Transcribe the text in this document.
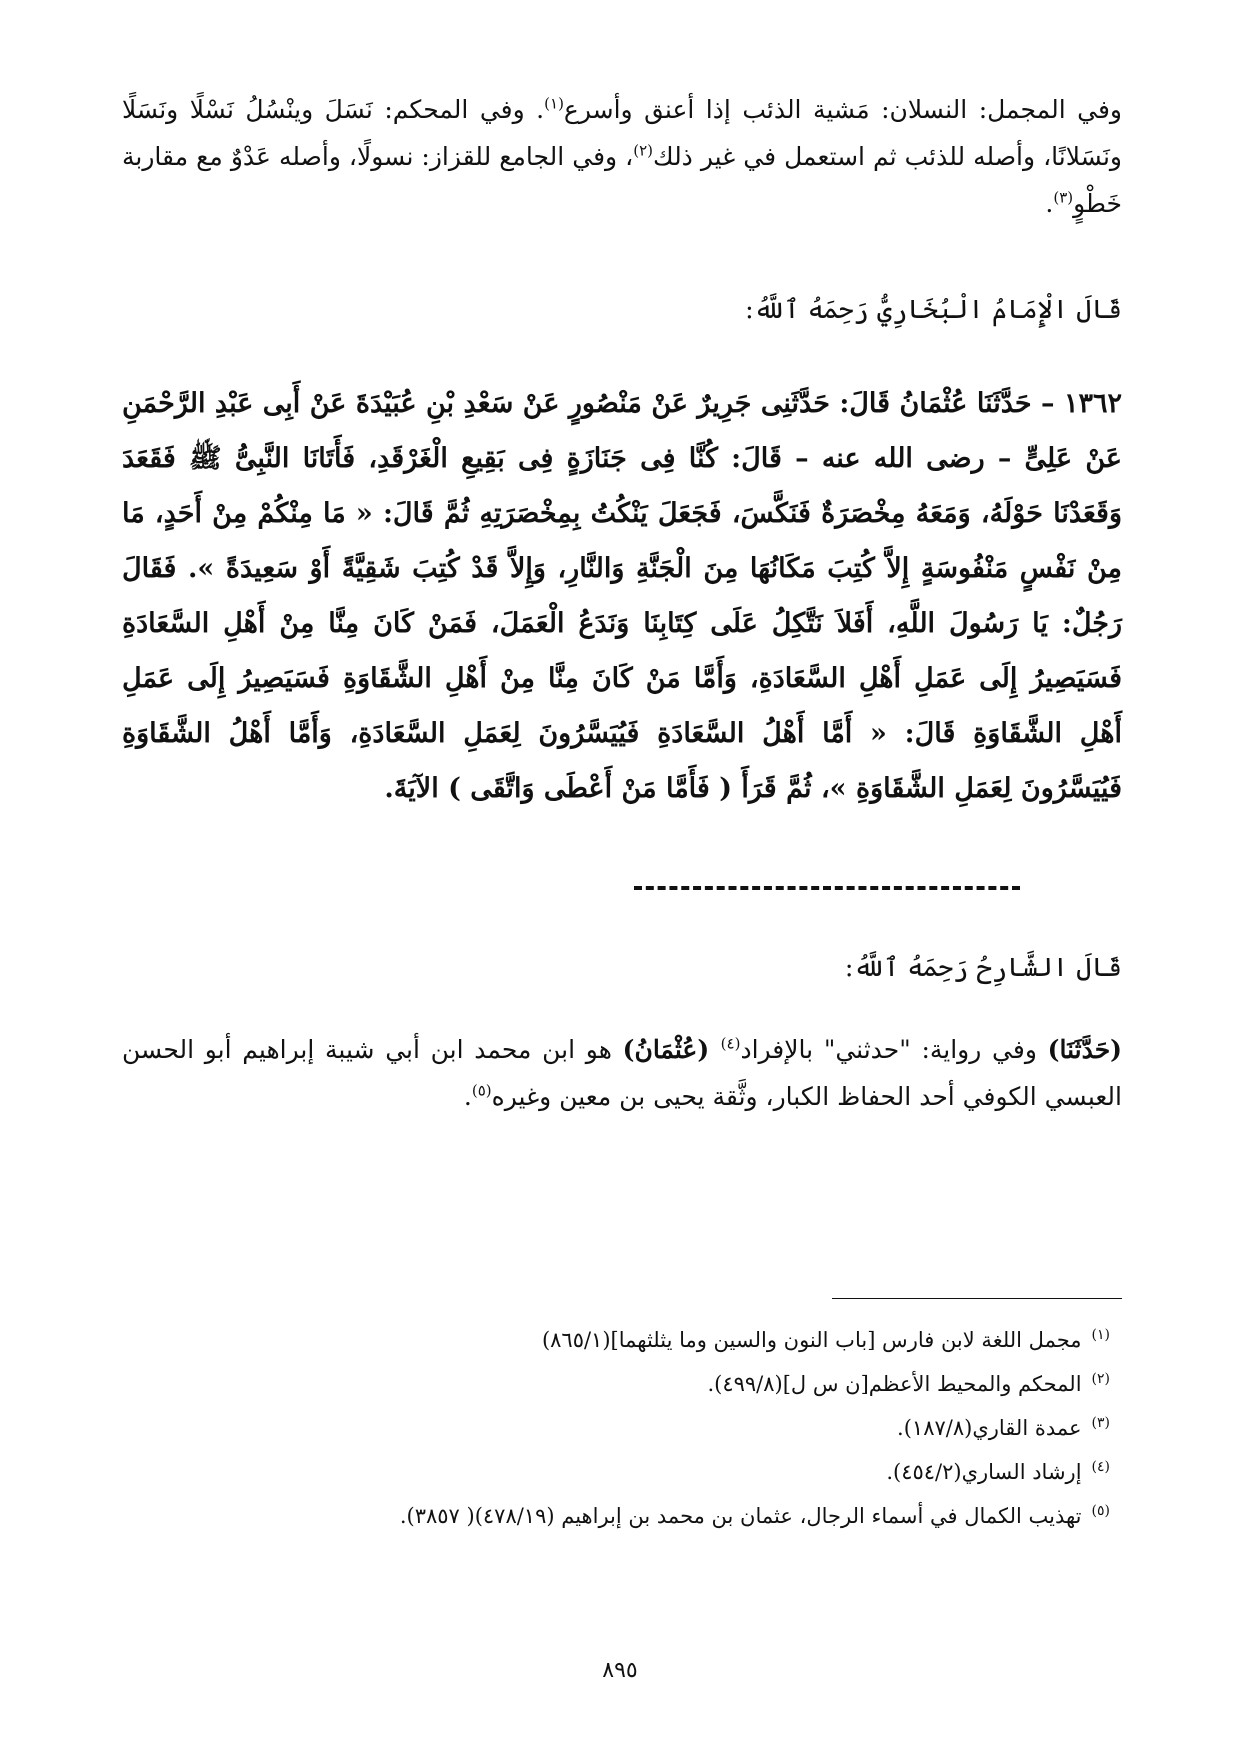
وفي المجمل: النسلان: مَشية الذئب إذا أعنق وأسرع$^{(١)}$. وفي المحكم: نَسَلَ وينْسُلُ نَسْلًا ونَسَلًا ونَسَلانًا، وأصله للذئب ثم استعمل في غير ذلك$^{(٢)}$، وفي الجامع للقزاز: نسولًا، وأصله عَدْوٌ مع مقاربة خَطْوٍ$^{(٣)}$.

قَالَ الْإِمَامُ الْبُخَارِيُّ رَحِمَهُ ٱللَّهُ:

١٣٦٢ – حَدَّثَنَا عُثْمَانُ قَالَ: حَدَّثَنِى جَرِيرٌ عَنْ مَنْصُورٍ عَنْ سَعْدِ بْنِ عُبَيْدَةَ عَنْ أَبِى عَبْدِ الرَّحْمَنِ عَنْ عَلِىٍّ – رضى الله عنه – قَالَ: كُنَّا فِى جَنَازَةٍ فِى بَقِيعِ الْغَرْقَدِ، فَأَتَانَا النَّبِىُّ ﷺ فَقَعَدَ وَقَعَدْنَا حَوْلَهُ، وَمَعَهُ مِخْصَرَةٌ فَنَكَّسَ، فَجَعَلَ يَنْكُتُ بِمِخْصَرَتِهِ ثُمَّ قَالَ: « مَا مِنْكُمْ مِنْ أَحَدٍ، مَا مِنْ نَفْسٍ مَنْفُوسَةٍ إِلاَّ كُتِبَ مَكَانُهَا مِنَ الْجَنَّةِ وَالنَّارِ، وَإِلاَّ قَدْ كُتِبَ شَقِيَّةً أَوْ سَعِيدَةً ». فَقَالَ رَجُلٌ: يَا رَسُولَ اللَّهِ، أَفَلاَ نَتَّكِلُ عَلَى كِتَابِنَا وَنَدَعُ الْعَمَلَ، فَمَنْ كَانَ مِنَّا مِنْ أَهْلِ السَّعَادَةِ فَسَيَصِيرُ إِلَى عَمَلِ أَهْلِ السَّعَادَةِ، وَأَمَّا مَنْ كَانَ مِنَّا مِنْ أَهْلِ الشَّقَاوَةِ فَسَيَصِيرُ إِلَى عَمَلِ أَهْلِ الشَّقَاوَةِ قَالَ: « أَمَّا أَهْلُ السَّعَادَةِ فَيُيَسَّرُونَ لِعَمَلِ السَّعَادَةِ، وَأَمَّا أَهْلُ الشَّقَاوَةِ فَيُيَسَّرُونَ لِعَمَلِ الشَّقَاوَةِ »، ثُمَّ قَرَأَ ( فَأَمَّا مَنْ أَعْطَى وَاتَّقَى ) الآيَةَ.

قَالَ الشَّارِحُ رَحِمَهُ ٱللَّهُ:

(حَدَّثَنَا) وفي رواية: "حدثني" بالإفراد$^{(٤)}$ (عُثْمَانُ) هو ابن محمد ابن أبي شيبة إبراهيم أبو الحسن العبسي الكوفي أحد الحفاظ الكبار، وثَّقة يحيى بن معين وغيره$^{(٥)}$.

$^{(١)}$مجمل اللغة لابن فارس [باب النون والسين وما يثلثهما](٨٦٥/١)

$^{(٢)}$المحكم والمحيط الأعظم[ن س ل](٤٩٩/٨).

$^{(٣)}$عمدة القاري(١٨٧/٨).

$^{(٤)}$إرشاد الساري(٤٥٤/٢).

$^{(٥)}$تهذيب الكمال في أسماء الرجال، عثمان بن محمد بن إبراهيم (٤٧٨/١٩)( ٣٨٥٧).

٨٩٥
